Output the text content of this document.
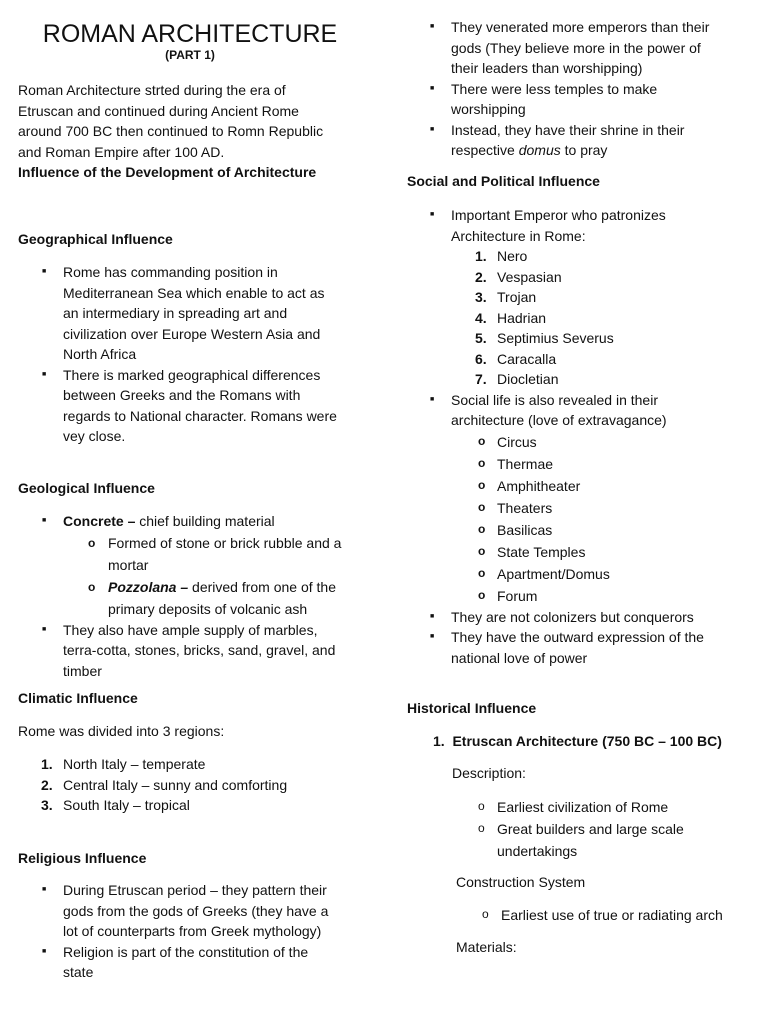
ROMAN ARCHITECTURE
(PART 1)
Roman Architecture strted during the era of
Etruscan and continued during Ancient Rome
around 700 BC then continued to Romn Republic
and Roman Empire after 100 AD.
Influence of the Development of Architecture
Geographical Influence
■ Rome has commanding position in
Mediterranean Sea which enable to act as
an intermediary in spreading art and
civilization over Europe Western Asia and
North Africa
■ There is marked geographical differences
between Greeks and the Romans with
regards to National character. Romans were
vey close.
Geological Influence
■ Concrete – chief building material
o Formed of stone or brick rubble and a
mortar
o Pozzolana – derived from one of the
primary deposits of volcanic ash
■ They also have ample supply of marbles,
terra-cotta, stones, bricks, sand, gravel, and
timber
Climatic Influence
Rome was divided into 3 regions:
1. North Italy – temperate
2. Central Italy – sunny and comforting
3. South Italy – tropical
Religious Influence
■ During Etruscan period – they pattern their
gods from the gods of Greeks (they have a
lot of counterparts from Greek mythology)
■ Religion is part of the constitution of the
state
■ They venerated more emperors than their
gods (They believe more in the power of
their leaders than worshipping)
■ There were less temples to make
worshipping
■ Instead, they have their shrine in their
respective domus to pray
Social and Political Influence
■ Important Emperor who patronizes
Architecture in Rome:
1. Nero
2. Vespasian
3. Trojan
4. Hadrian
5. Septimius Severus
6. Caracalla
7. Diocletian
■ Social life is also revealed in their
architecture (love of extravagance)
o Circus
o Thermae
o Amphitheater
o Theaters
o Basilicas
o State Temples
o Apartment/Domus
o Forum
■ They are not colonizers but conquerors
■ They have the outward expression of the
national love of power
Historical Influence
1. Etruscan Architecture (750 BC – 100 BC)
Description:
o Earliest civilization of Rome
o Great builders and large scale
undertakings
Construction System
o Earliest use of true or radiating arch
Materials:
